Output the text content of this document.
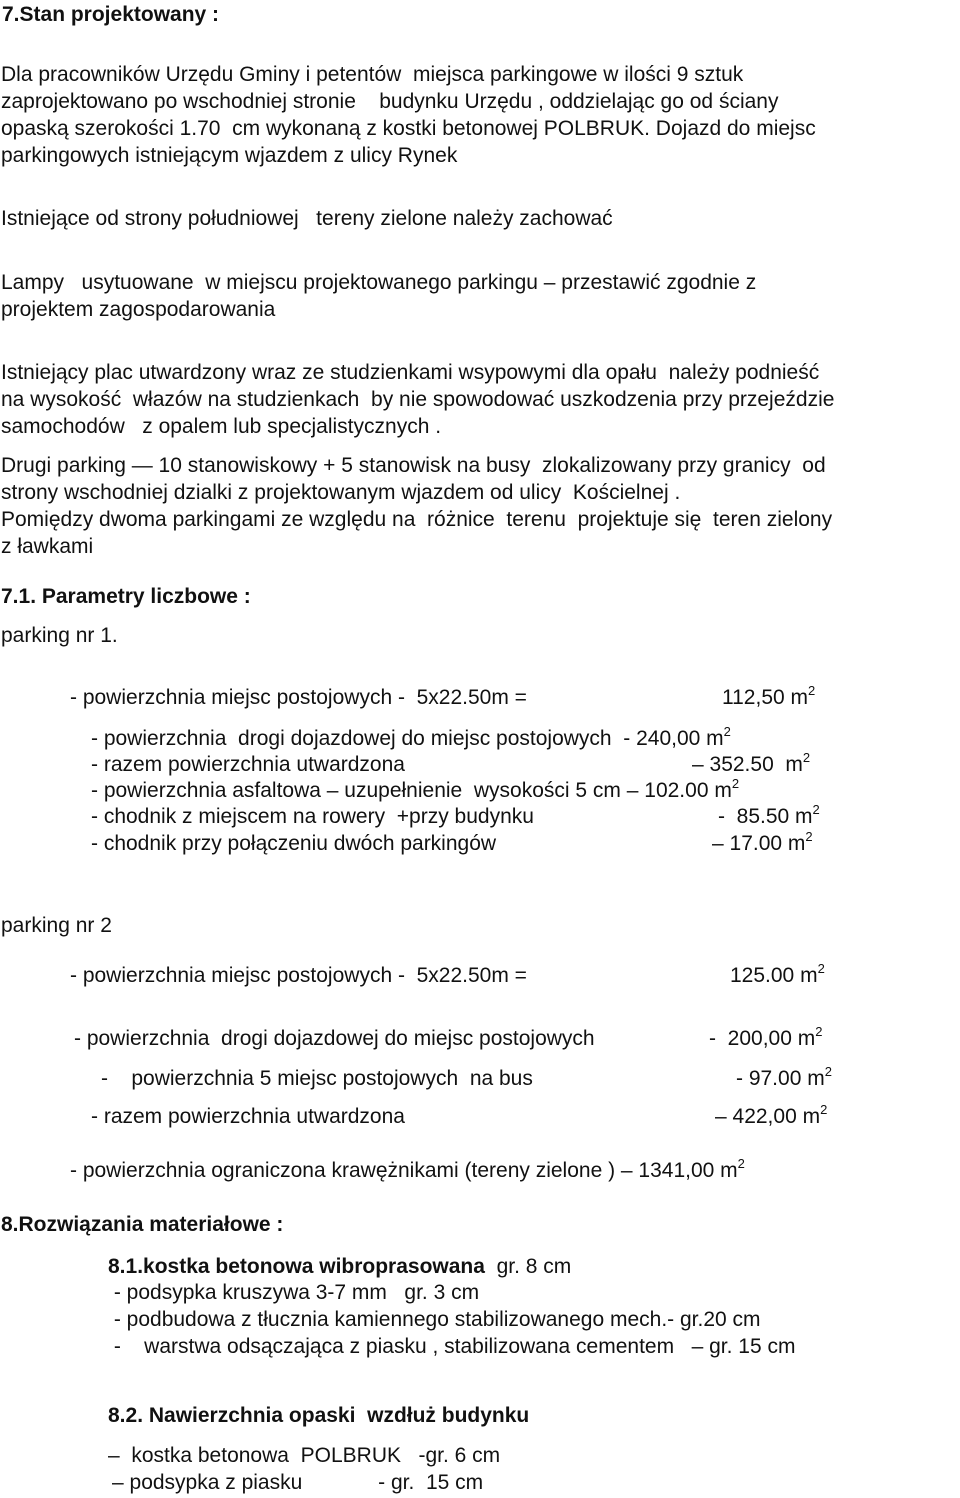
7.Stan projektowany :
Dla pracowników Urzędu Gminy i petentów  miejsca parkingowe w ilości 9 sztuk
zaprojektowano po wschodniej stronie    budynku Urzędu , oddzielając go od ściany
opaską szerokości 1.70  cm wykonaną z kostki betonowej POLBRUK. Dojazd do miejsc
parkingowych istniejącym wjazdem z ulicy Rynek
Istniejące od strony południowej   tereny zielone należy zachować
Lampy   usytuowane  w miejscu projektowanego parkingu – przestawić zgodnie z
projektem zagospodarowania
Istniejący plac utwardzony wraz ze studzienkami wsypowymi dla opału  należy podnieść
na wysokość  włazów na studzienkach  by nie spowodować uszkodzenia przy przejeździe
samochodów   z opalem lub specjalistycznych .
Drugi parking — 10 stanowiskowy + 5 stanowisk na busy  zlokalizowany przy granicy  od
strony wschodniej dzialki z projektowanym wjazdem od ulicy  Kościelnej .
Pomiędzy dwoma parkingami ze względu na  różnice  terenu  projektuje się  teren zielony
z ławkami
7.1. Parametry liczbowe :
parking nr 1.
- powierzchnia miejsc postojowych -  5x22.50m =	112,50 $m^2$
- powierzchnia  drogi dojazdowej do miejsc postojowych  - 240,00 $m^2$
- razem powierzchnia utwardzona	– 352.50  $m^2$
- powierzchnia asfaltowa – uzupełnienie  wysokości 5 cm – 102.00 $m^2$
- chodnik z miejscem na rowery  +przy budynku	-  85.50 $m^2$
- chodnik przy połączeniu dwóch parkingów	– 17.00 $m^2$
parking nr 2
- powierzchnia miejsc postojowych -  5x22.50m =	125.00 $m^2$
- powierzchnia  drogi dojazdowej do miejsc postojowych	-  200,00 $m^2$
-    powierzchnia 5 miejsc postojowych  na bus	- 97.00 $m^2$
- razem powierzchnia utwardzona	– 422,00 $m^2$
- powierzchnia ograniczona krawężnikami (tereny zielone ) – 1341,00 $m^2$
8.Rozwiązania materiałowe :
8.1.kostka betonowa wibroprasowana  gr. 8 cm
- podsypka kruszywa 3-7 mm   gr. 3 cm
- podbudowa z tłucznia kamiennego stabilizowanego mech.- gr.20 cm
-    warstwa odsączająca z piasku , stabilizowana cementem   – gr. 15 cm
8.2. Nawierzchnia opaski  wzdłuż budynku
–  kostka betonowa  POLBRUK   -gr. 6 cm
– podsypka z piasku             - gr.  15 cm
